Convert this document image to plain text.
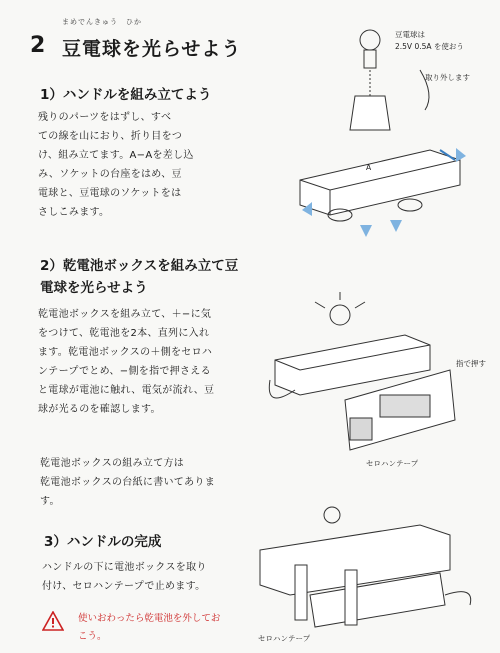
まめでんきゅう　ひか
2 豆電球を光らせよう
1）ハンドルを組み立てよう
残りのパーツをはずし、すべ
ての線を山におり、折り目をつ
け、組み立てます。A−Aを差し込
み、ソケットの台座をはめ、豆
電球と、豆電球のソケットをは
さしこみます。
2）乾電池ボックスを組み立て豆
電球を光らせよう
乾電池ボックスを組み立て、＋−に気
をつけて、乾電池を2本、直列に入れ
ます。乾電池ボックスの＋側をセロハ
ンテープでとめ、−側を指で押さえる
と電球が電池に触れ、電気が流れ、豆
球が光るのを確認します。
乾電池ボックスの組み立て方は
乾電池ボックスの台紙に書いてありま
す。
3）ハンドルの完成
ハンドルの下に電池ボックスを取り
付け、セロハンテープで止めます。
使いおわったら乾電池を外してお
こう。
豆電球は
2.5V 0.5A を使おう
取り外します
A
指で押す
セロハンテープ
セロハンテープ
